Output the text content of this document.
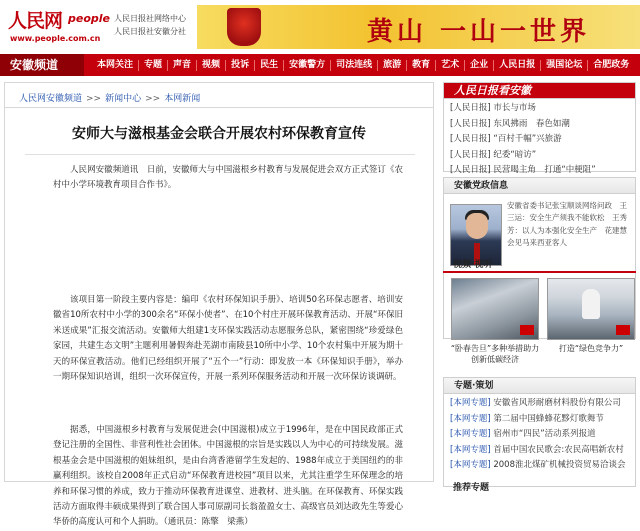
人民网 people
www.people.com.cn
人民日报社网络中心
人民日报社安徽分社	黄山 一山一世界
安徽频道	本网关注	专题	声音	视频	投诉	民生	安徽警方	司法连线	旅游	教育	艺术	企业	人民日报	强国论坛	合肥政务
人民网安徽频道 >> 新闻中心 >> 本网新闻
安师大与滋根基金会联合开展农村环保教育宣传

人民网安徽频道讯　日前，安徽师大与中国滋根乡村教育与发展促进会双方正式签订《农村中小学环境教育项目合作书》。

该项目第一阶段主要内容是：编印《农村环保知识手册》、培训50名环保志愿者、培训安徽省10所农村中小学的300余名“环保小使者”、在10个村庄开展环保教育活动、开展“环保旧米送成果”汇报交流活动。安徽师大组建1支环保实践活动志愿服务总队，紧密围绕“珍爱绿色家园，共建生态文明”主题利用暑假奔赴芜湖市南陵县10所中小学、10个农村集中开展为期十天的环保宣教活动。他们已经组织开展了“五个一”行动：即发放一本《环保知识手册》，举办一期环保知识培训，组织一次环保宣传，开展一系列环保服务活动和开展一次环保访谈调研。

据悉，中国滋根乡村教育与发展促进会(中国滋根)成立于1996年，是在中国民政部正式登记注册的全国性、非营利性社会团体。中国滋根的宗旨是实践以人为中心的可持续发展。滋根基金会是中国滋根的姐妹组织，是由台湾香港留学生发起的、1988年成立于美国纽约的非赢利组织。该校自2008年正式启动“环保教育进校园”项目以来，尤其注重学生环保理念的培养和环保习惯的养成，致力于推动环保教育进课堂、进教材、进头脑。在环保教育、环保实践活动方面取得丰硕成果得到了联合国人事司原副司长翁盈盈女士、高级官员刘达政先生等爱心华侨的高度认可和个人捐助。（通讯员：陈擎　梁燕）

人民日报看安徽
[人民日报] 市长与市场
[人民日报] 东风拂雨　春色如潮
[人民日报] “百村千幅”兴旅游
[人民日报] 纪委“暗访”
[人民日报] 民营喝主角　打通“中梗阻”
安徽党政信息
安徽省委书记张宝顺谈网络问政　王三运：安全生产须我不能软松　王秀芳：以人为本强化安全生产　花建慧会见马来西亚客人
视频·视听
“卧春告旦”多种举措助力创新低碳经济
打造“绿色竞争力”
专题·策划
[本网专题] 安徽省风形耐磨材料股份有限公司
[本网专题] 第二届中国蜂蜂花黟灯歌舞节
[本网专题] 宿州市“四民”活动系列报道
[本网专题] 首届中国农民歌会:农民高唱新农村
[本网专题] 2008淮北煤矿机械投资贸易洽谈会
推荐专题
